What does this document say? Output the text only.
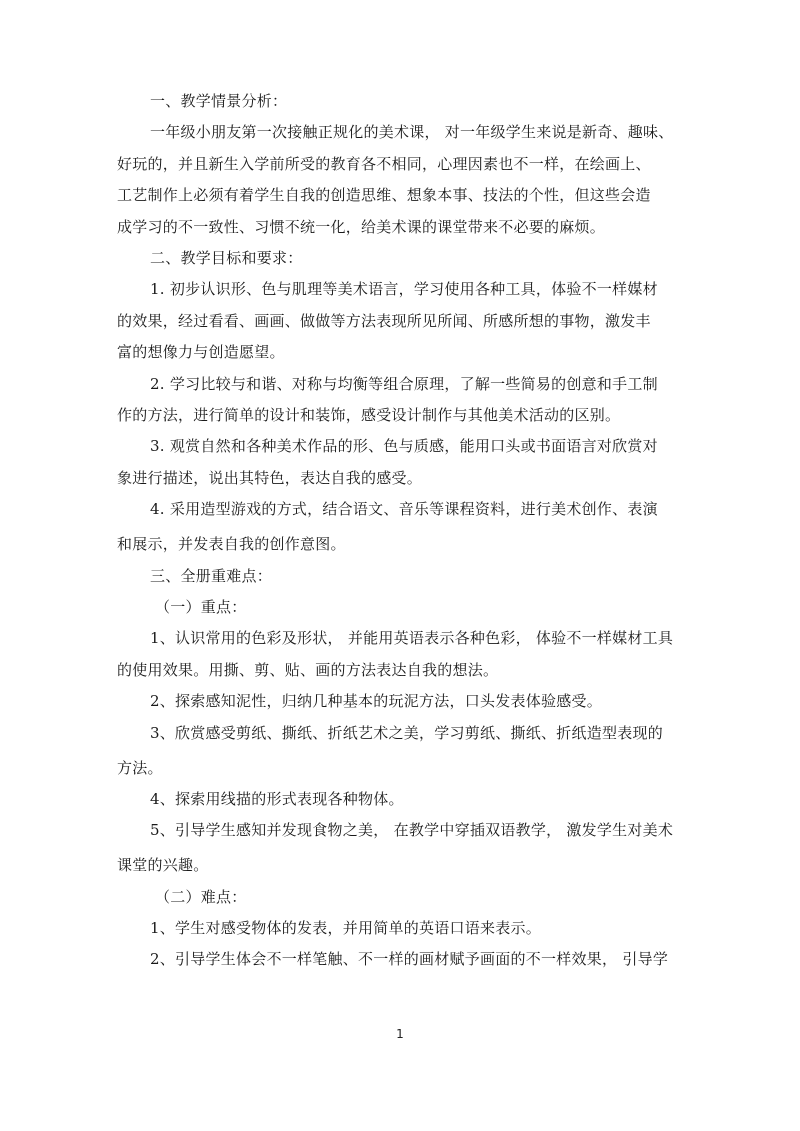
一、教学情景分析：
一年级小朋友第一次接触正规化的美术课， 对一年级学生来说是新奇、趣味、
好玩的，并且新生入学前所受的教育各不相同，心理因素也不一样，在绘画上、
工艺制作上必须有着学生自我的创造思维、想象本事、技法的个性，但这些会造
成学习的不一致性、习惯不统一化，给美术课的课堂带来不必要的麻烦。
二、教学目标和要求：
1. 初步认识形、色与肌理等美术语言，学习使用各种工具，体验不一样媒材
的效果，经过看看、画画、做做等方法表现所见所闻、所感所想的事物，激发丰
富的想像力与创造愿望。
2. 学习比较与和谐、对称与均衡等组合原理，了解一些简易的创意和手工制
作的方法，进行简单的设计和装饰，感受设计制作与其他美术活动的区别。
3. 观赏自然和各种美术作品的形、色与质感，能用口头或书面语言对欣赏对
象进行描述，说出其特色，表达自我的感受。
4. 采用造型游戏的方式，结合语文、音乐等课程资料，进行美术创作、表演
和展示，并发表自我的创作意图。
三、全册重难点：
（一）重点：
1、认识常用的色彩及形状， 并能用英语表示各种色彩， 体验不一样媒材工具
的使用效果。用撕、剪、贴、画的方法表达自我的想法。
2、探索感知泥性，归纳几种基本的玩泥方法，口头发表体验感受。
3、欣赏感受剪纸、撕纸、折纸艺术之美，学习剪纸、撕纸、折纸造型表现的
方法。
4、探索用线描的形式表现各种物体。
5、引导学生感知并发现食物之美， 在教学中穿插双语教学， 激发学生对美术
课堂的兴趣。
（二）难点：
1、学生对感受物体的发表，并用简单的英语口语来表示。
2、引导学生体会不一样笔触、不一样的画材赋予画面的不一样效果， 引导学
1
